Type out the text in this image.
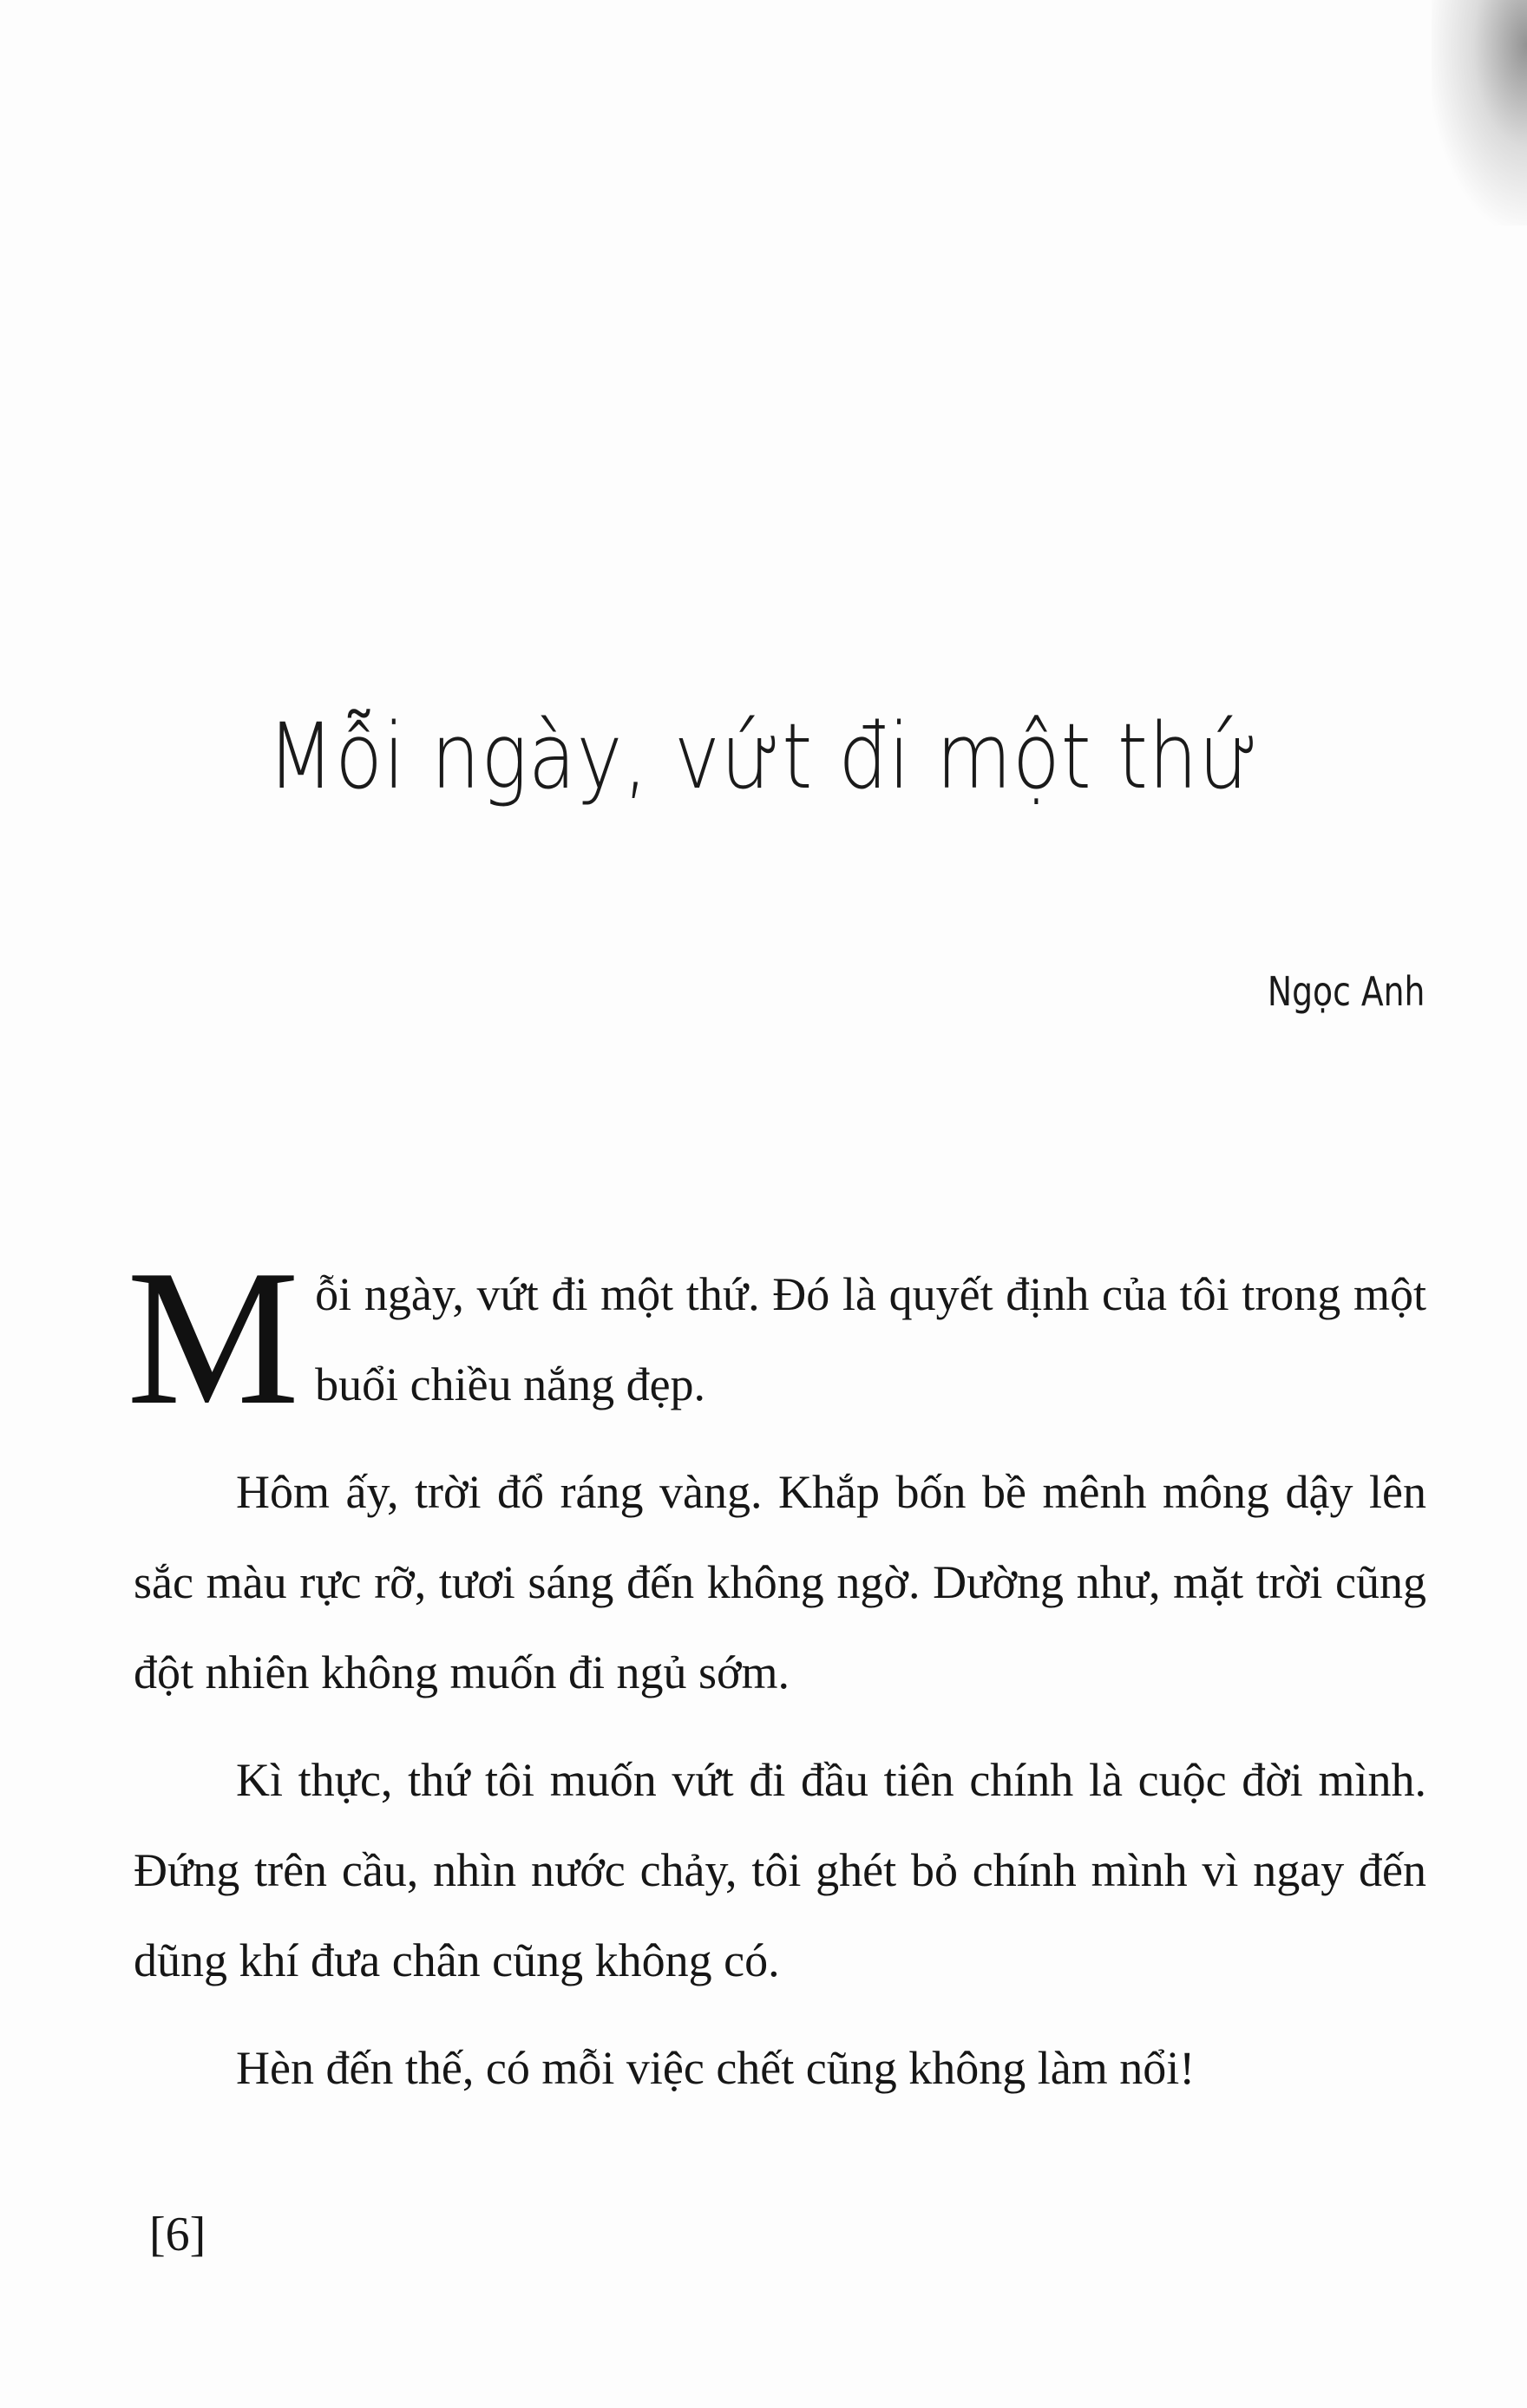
Mỗi ngày, vứt đi một thứ
Ngọc Anh

Mỗi ngày, vứt đi một thứ. Đó là quyết định của tôi trong một buổi chiều nắng đẹp.

Hôm ấy, trời đổ ráng vàng. Khắp bốn bề mênh mông dậy lên sắc màu rực rỡ, tươi sáng đến không ngờ. Dường như, mặt trời cũng đột nhiên không muốn đi ngủ sớm.

Kì thực, thứ tôi muốn vứt đi đầu tiên chính là cuộc đời mình. Đứng trên cầu, nhìn nước chảy, tôi ghét bỏ chính mình vì ngay đến dũng khí đưa chân cũng không có.

Hèn đến thế, có mỗi việc chết cũng không làm nổi!

[6]
